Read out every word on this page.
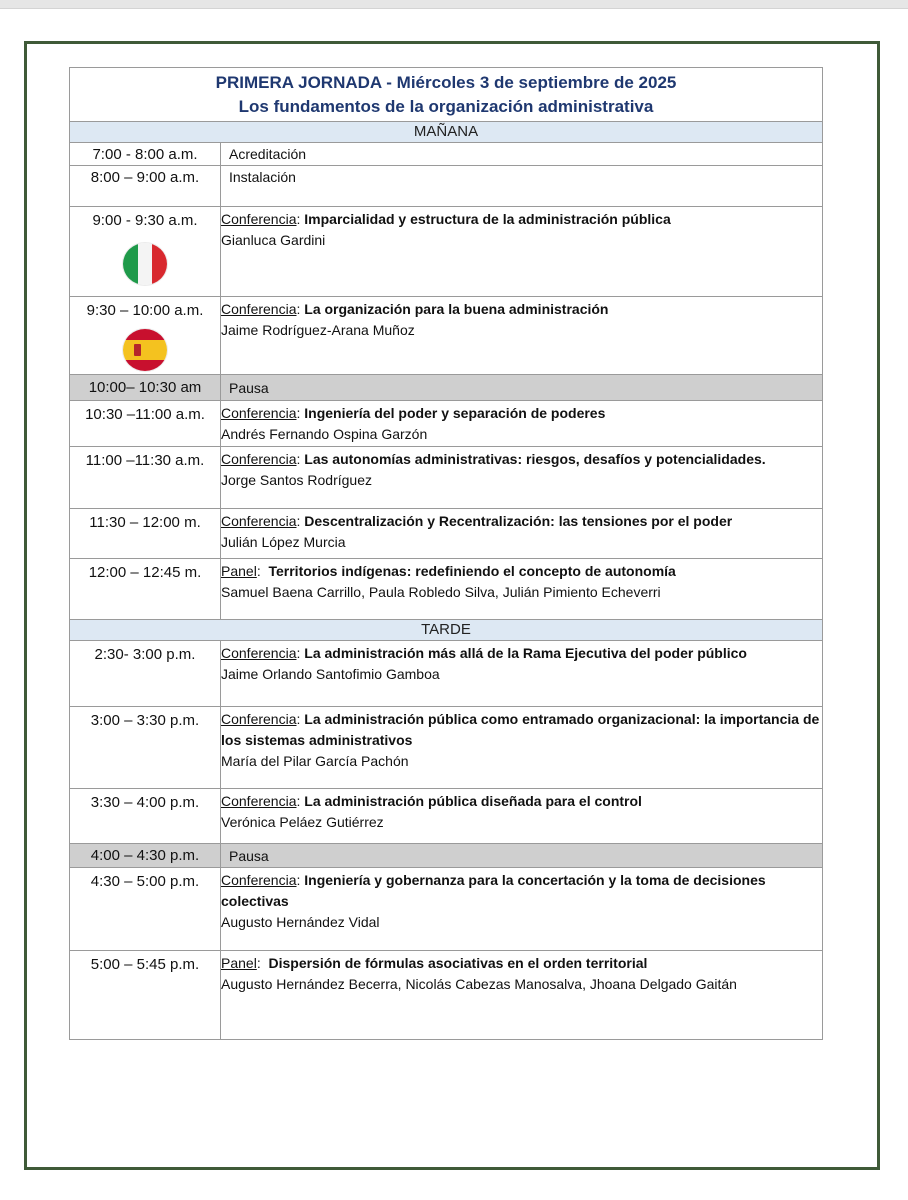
PRIMERA JORNADA - Miércoles 3 de septiembre de 2025
Los fundamentos de la organización administrativa	

MAÑANA	

7:00 - 8:00 a.m.	Acreditación

8:00 – 9:00 a.m.	Instalación

9:00 - 9:30 a.m.	Conferencia: Imparcialidad y estructura de la administración pública
Gianluca Gardini

9:30 – 10:00 a.m.	Conferencia: La organización para la buena administración
Jaime Rodríguez-Arana Muñoz

10:00– 10:30 am	Pausa

10:30 –11:00 a.m.	Conferencia: Ingeniería del poder y separación de poderes
Andrés Fernando Ospina Garzón

11:00 –11:30 a.m.	Conferencia: Las autonomías administrativas: riesgos, desafíos y potencialidades.
Jorge Santos Rodríguez

11:30 – 12:00 m.	Conferencia: Descentralización y Recentralización: las tensiones por el poder
Julián López Murcia

12:00 – 12:45 m.	Panel:  Territorios indígenas: redefiniendo el concepto de autonomía
Samuel Baena Carrillo, Paula Robledo Silva, Julián Pimiento Echeverri

TARDE	

2:30- 3:00 p.m.	Conferencia: La administración más allá de la Rama Ejecutiva del poder público
Jaime Orlando Santofimio Gamboa

3:00 – 3:30 p.m.	Conferencia: La administración pública como entramado organizacional: la importancia de los sistemas administrativos
María del Pilar García Pachón

3:30 – 4:00 p.m.	Conferencia: La administración pública diseñada para el control
Verónica Peláez Gutiérrez

4:00 – 4:30 p.m.	Pausa

4:30 – 5:00 p.m.	Conferencia: Ingeniería y gobernanza para la concertación y la toma de decisiones colectivas
Augusto Hernández Vidal

5:00 – 5:45 p.m.	Panel:  Dispersión de fórmulas asociativas en el orden territorial
Augusto Hernández Becerra, Nicolás Cabezas Manosalva, Jhoana Delgado Gaitán
